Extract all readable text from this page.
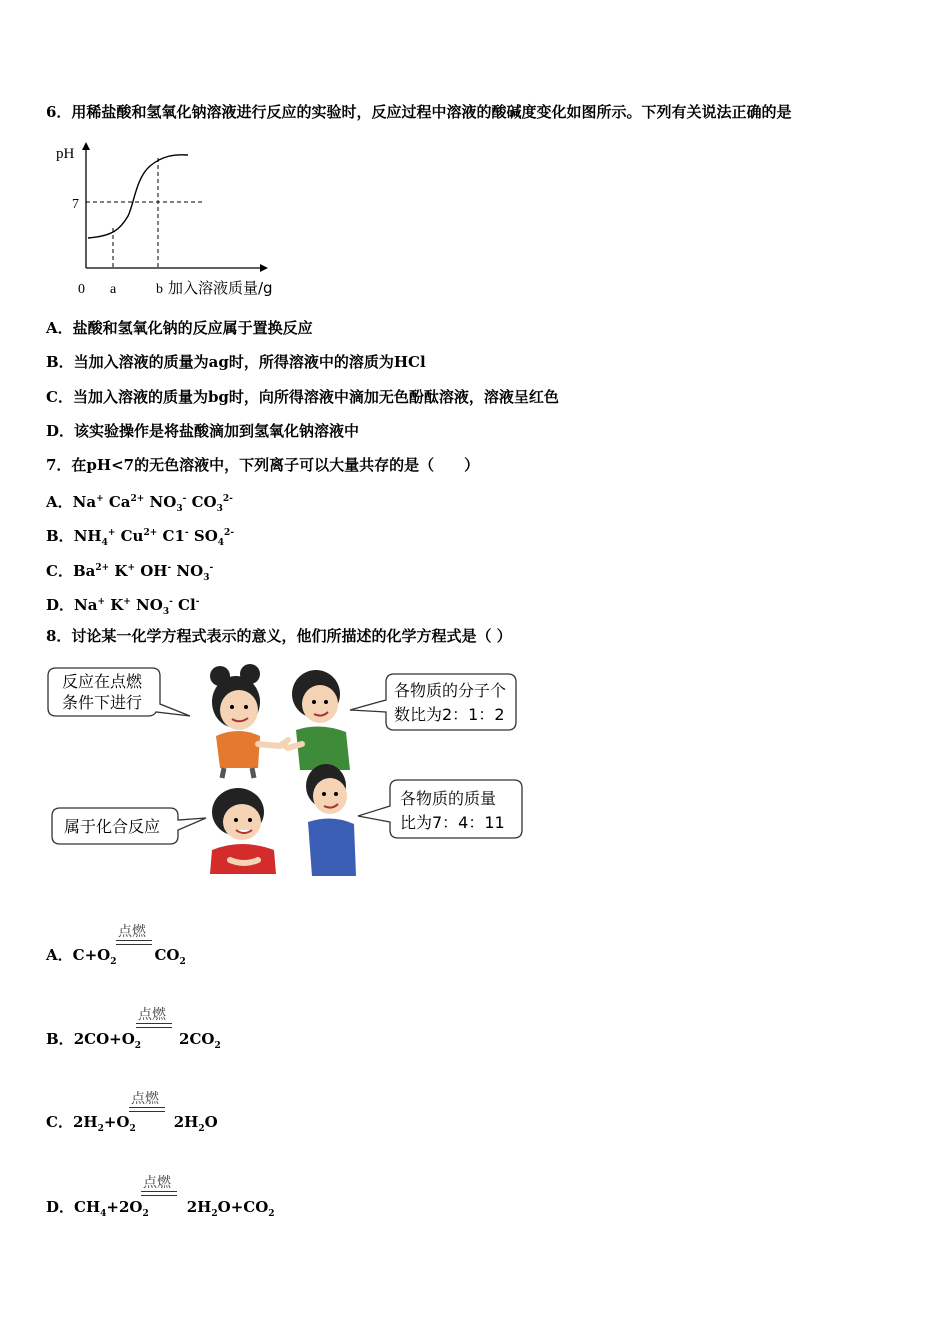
6．用稀盐酸和氢氧化钠溶液进行反应的实验时，反应过程中溶液的酸碱度变化如图所示。下列有关说法正确的是
pH
7
0 a	b 加入溶液质量/g
A．盐酸和氢氧化钠的反应属于置换反应
B．当加入溶液的质量为ag时，所得溶液中的溶质为HCl
C．当加入溶液的质量为bg时，向所得溶液中滴加无色酚酞溶液，溶液呈红色
D．该实验操作是将盐酸滴加到氢氧化钠溶液中
7．在pH<7的无色溶液中，下列离子可以大量共存的是（　　）
A．Na+ $Ca^{2+}$ $NO_3^-$ $CO_3^{2-}$
B．$NH_4^+$ $Cu^{2+}$ C1- $SO_4^{2-}$
C．$Ba^{2+}$ K+ OH- $NO_3^-$
D．Na+ K+ $NO_3^-$ Cl-
8．讨论某一化学方程式表示的意义，他们所描述的化学方程式是（ ）
反应在点燃
条件下进行
各物质的分子个
数比为2：1：2
属于化合反应
各物质的质量
比为7：4：11
点燃
A．$C+O_2$	$CO_2$
点燃
B．$2CO+O_2$	$2CO_2$
点燃
C．$2H_2+O_2$	$2H_2O$
点燃
D．$CH_4+2O_2$	$2H_2O+CO_2$
